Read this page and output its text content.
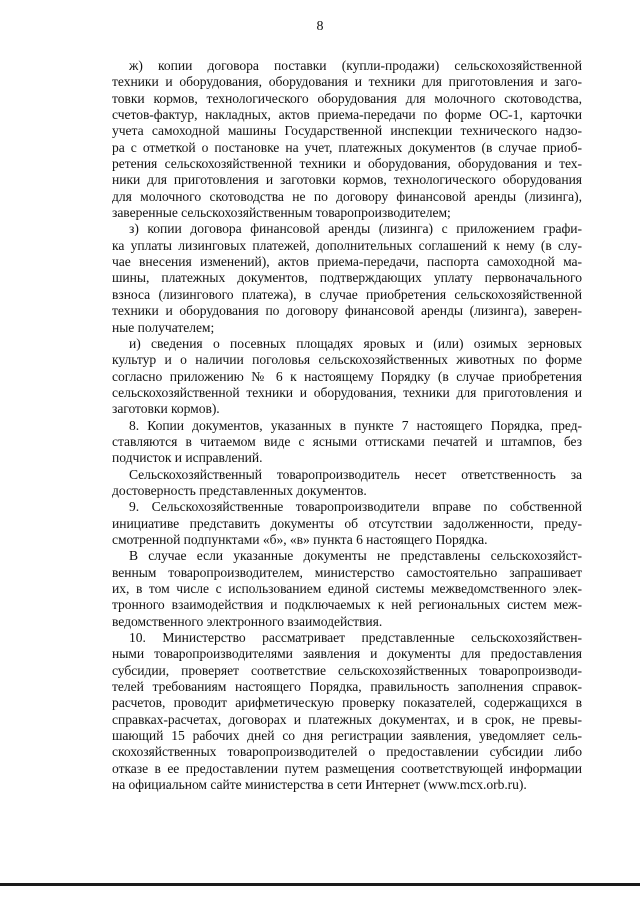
8
ж) копии договора поставки (купли-продажи) сельскохозяйственной
техники и оборудования, оборудования и техники для приготовления и заго-
товки кормов, технологического оборудования для молочного скотоводства,
счетов-фактур, накладных, актов приема-передачи по форме ОС-1, карточки
учета самоходной машины Государственной инспекции технического надзо-
ра с отметкой о постановке на учет, платежных документов (в случае приоб-
ретения сельскохозяйственной техники и оборудования, оборудования и тех-
ники для приготовления и заготовки кормов, технологического оборудования
для молочного скотоводства не по договору финансовой аренды (лизинга),
заверенные сельскохозяйственным товаропроизводителем;
з) копии договора финансовой аренды (лизинга) с приложением графи-
ка уплаты лизинговых платежей, дополнительных соглашений к нему (в слу-
чае внесения изменений), актов приема-передачи, паспорта самоходной ма-
шины, платежных документов, подтверждающих уплату первоначального
взноса (лизингового платежа), в случае приобретения сельскохозяйственной
техники и оборудования по договору финансовой аренды (лизинга), заверен-
ные получателем;
и) сведения о посевных площадях яровых и (или) озимых зерновых
культур и о наличии поголовья сельскохозяйственных животных по форме
согласно приложению № 6 к настоящему Порядку (в случае приобретения
сельскохозяйственной техники и оборудования, техники для приготовления и
заготовки кормов).
8. Копии документов, указанных в пункте 7 настоящего Порядка, пред-
ставляются в читаемом виде с ясными оттисками печатей и штампов, без
подчисток и исправлений.
Сельскохозяйственный товаропроизводитель несет ответственность за
достоверность представленных документов.
9. Сельскохозяйственные товаропроизводители вправе по собственной
инициативе представить документы об отсутствии задолженности, преду-
смотренной подпунктами «б», «в» пункта 6 настоящего Порядка.
В случае если указанные документы не представлены сельскохозяйст-
венным товаропроизводителем, министерство самостоятельно запрашивает
их, в том числе с использованием единой системы межведомственного элек-
тронного взаимодействия и подключаемых к ней региональных систем меж-
ведомственного электронного взаимодействия.
10. Министерство рассматривает представленные сельскохозяйствен-
ными товаропроизводителями заявления и документы для предоставления
субсидии, проверяет соответствие сельскохозяйственных товаропроизводи-
телей требованиям настоящего Порядка, правильность заполнения справок-
расчетов, проводит арифметическую проверку показателей, содержащихся в
справках-расчетах, договорах и платежных документах, и в срок, не превы-
шающий 15 рабочих дней со дня регистрации заявления, уведомляет сель-
скохозяйственных товаропроизводителей о предоставлении субсидии либо
отказе в ее предоставлении путем размещения соответствующей информации
на официальном сайте министерства в сети Интернет (www.mcx.orb.ru).
